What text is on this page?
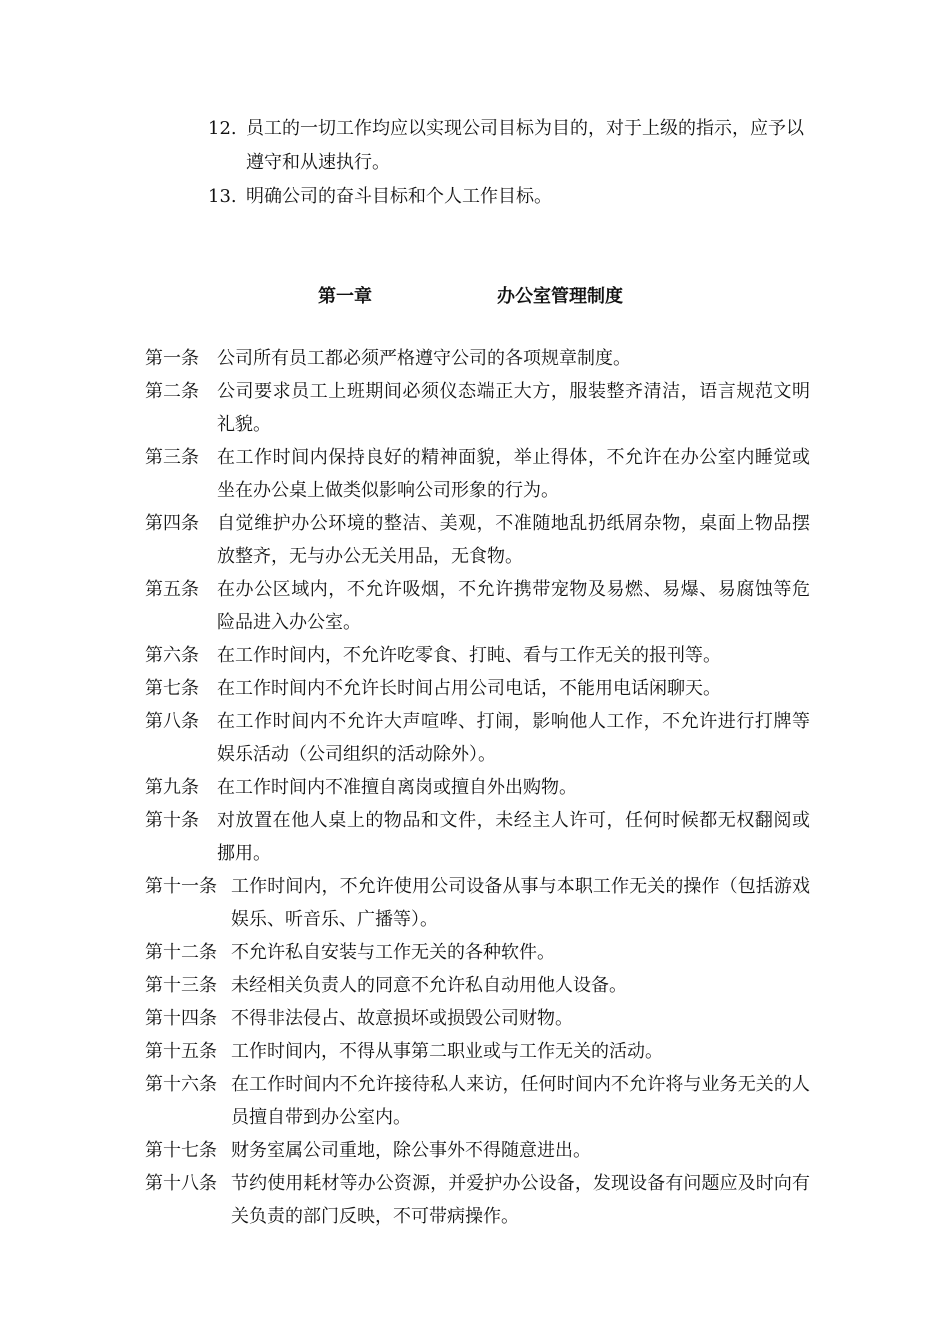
12. 员工的一切工作均应以实现公司目标为目的，对于上级的指示，应予以遵守和从速执行。
13. 明确公司的奋斗目标和个人工作目标。
第一章	办公室管理制度
第一条	公司所有员工都必须严格遵守公司的各项规章制度。
第二条	公司要求员工上班期间必须仪态端正大方，服装整齐清洁，语言规范文明礼貌。
第三条	在工作时间内保持良好的精神面貌，举止得体，不允许在办公室内睡觉或坐在办公桌上做类似影响公司形象的行为。
第四条	自觉维护办公环境的整洁、美观，不准随地乱扔纸屑杂物，桌面上物品摆放整齐，无与办公无关用品，无食物。
第五条	在办公区域内，不允许吸烟，不允许携带宠物及易燃、易爆、易腐蚀等危险品进入办公室。
第六条	在工作时间内，不允许吃零食、打盹、看与工作无关的报刊等。
第七条	在工作时间内不允许长时间占用公司电话，不能用电话闲聊天。
第八条	在工作时间内不允许大声喧哗、打闹，影响他人工作，不允许进行打牌等娱乐活动（公司组织的活动除外）。
第九条	在工作时间内不准擅自离岗或擅自外出购物。
第十条	对放置在他人桌上的物品和文件，未经主人许可，任何时候都无权翻阅或挪用。
第十一条 工作时间内，不允许使用公司设备从事与本职工作无关的操作（包括游戏娱乐、听音乐、广播等）。
第十二条 不允许私自安装与工作无关的各种软件。
第十三条 未经相关负责人的同意不允许私自动用他人设备。
第十四条 不得非法侵占、故意损坏或损毁公司财物。
第十五条 工作时间内，不得从事第二职业或与工作无关的活动。
第十六条 在工作时间内不允许接待私人来访，任何时间内不允许将与业务无关的人员擅自带到办公室内。
第十七条 财务室属公司重地，除公事外不得随意进出。
第十八条 节约使用耗材等办公资源，并爱护办公设备，发现设备有问题应及时向有关负责的部门反映，不可带病操作。
